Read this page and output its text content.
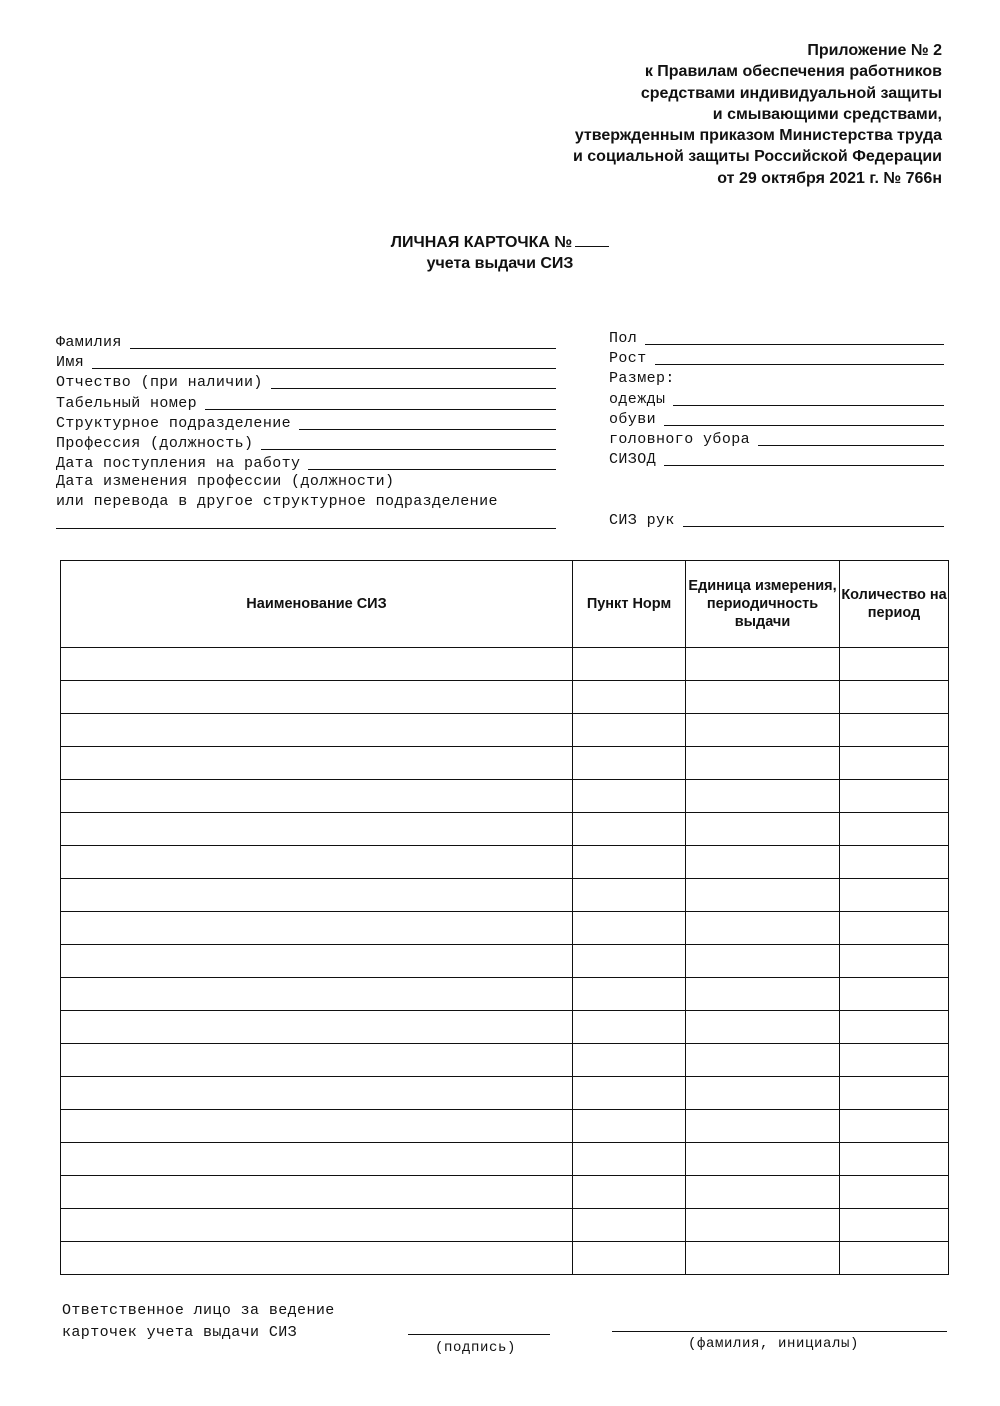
Приложение № 2
к Правилам обеспечения работников
средствами индивидуальной защиты
и смывающими средствами,
утвержденным приказом Министерства труда
и социальной защиты Российской Федерации
от 29 октября 2021 г. № 766н
ЛИЧНАЯ КАРТОЧКА №
учета выдачи СИЗ
Фамилия
Имя
Отчество (при наличии)
Табельный номер
Структурное подразделение
Профессия (должность)
Дата поступления на работу
Дата изменения профессии (должности)
или перевода в другое структурное подразделение
Пол
Рост
Размер:
одежды
обуви
головного убора
СИЗОД
СИЗ рук
Наименование СИЗ	Пункт Норм	Единица измерения, периодичность выдачи	Количество на период

Ответственное лицо за ведение
карточек учета выдачи СИЗ
(подпись)	(фамилия, инициалы)
